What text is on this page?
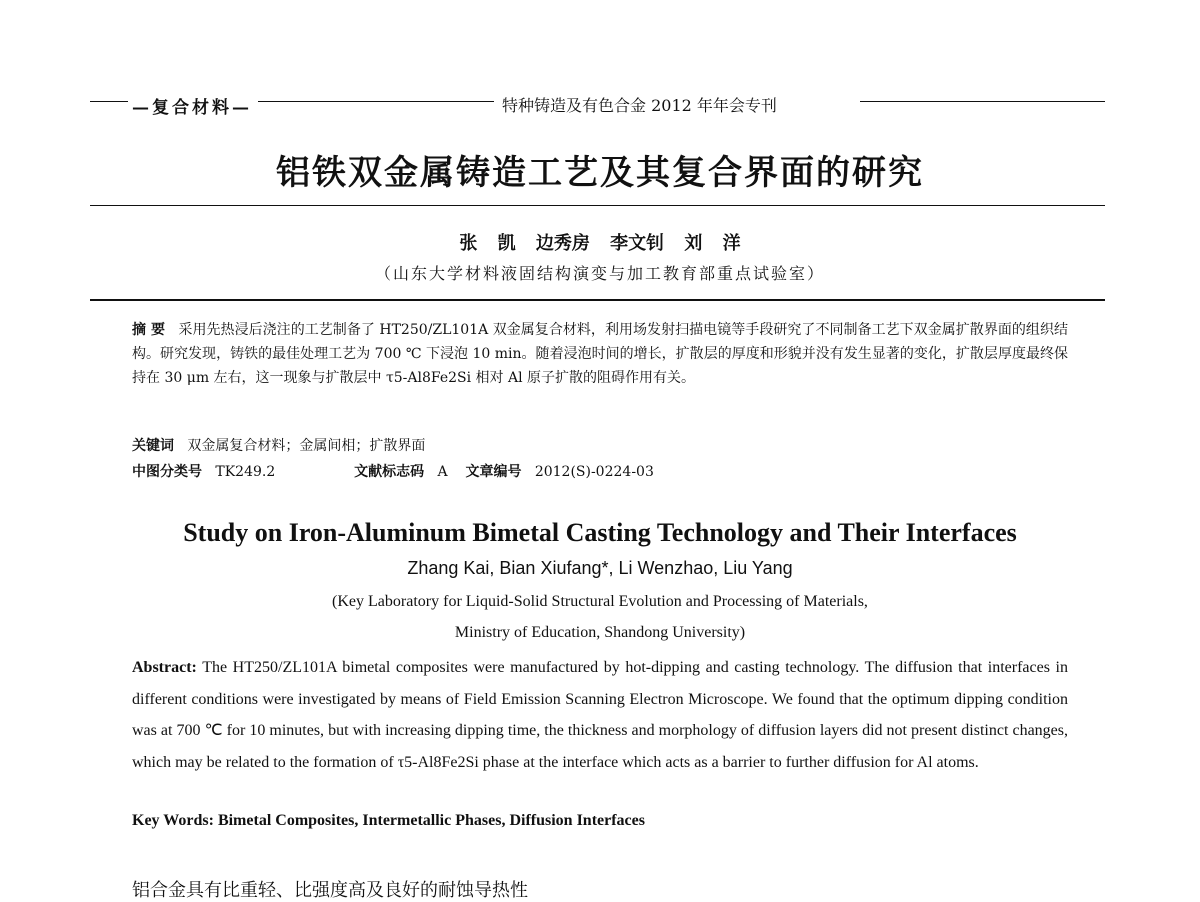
—复合材料—	特种铸造及有色合金 2012 年年会专刊
铝铁双金属铸造工艺及其复合界面的研究
张 凯 边秀房 李文钊 刘 洋
（山东大学材料液固结构演变与加工教育部重点试验室）
摘 要 采用先热浸后浇注的工艺制备了 HT250/ZL101A 双金属复合材料，利用场发射扫描电镜等手段研究了不同制备工艺下双金属扩散界面的组织结构。研究发现，铸铁的最佳处理工艺为 700 ℃ 下浸泡 10 min。随着浸泡时间的增长，扩散层的厚度和形貌并没有发生显著的变化，扩散层厚度最终保持在 30 μm 左右，这一现象与扩散层中 τ5-Al8Fe2Si 相对 Al 原子扩散的阻碍作用有关。
关键词 双金属复合材料；金属间相；扩散界面
中图分类号 TK249.2	文献标志码 A 文章编号 2012(S)-0224-03
Study on Iron-Aluminum Bimetal Casting Technology and Their Interfaces
Zhang Kai, Bian Xiufang*, Li Wenzhao, Liu Yang
(Key Laboratory for Liquid-Solid Structural Evolution and Processing of Materials,
Ministry of Education, Shandong University)
Abstract: The HT250/ZL101A bimetal composites were manufactured by hot-dipping and casting technology. The diffusion that interfaces in different conditions were investigated by means of Field Emission Scanning Electron Microscope. We found that the optimum dipping condition was at 700 ℃ for 10 minutes, but with increasing dipping time, the thickness and morphology of diffusion layers did not present distinct changes, which may be related to the formation of τ5-Al8Fe2Si phase at the interface which acts as a barrier to further diffusion for Al atoms.
Key Words: Bimetal Composites, Intermetallic Phases, Diffusion Interfaces
铝合金具有比重轻、比强度高及良好的耐蚀导热性
